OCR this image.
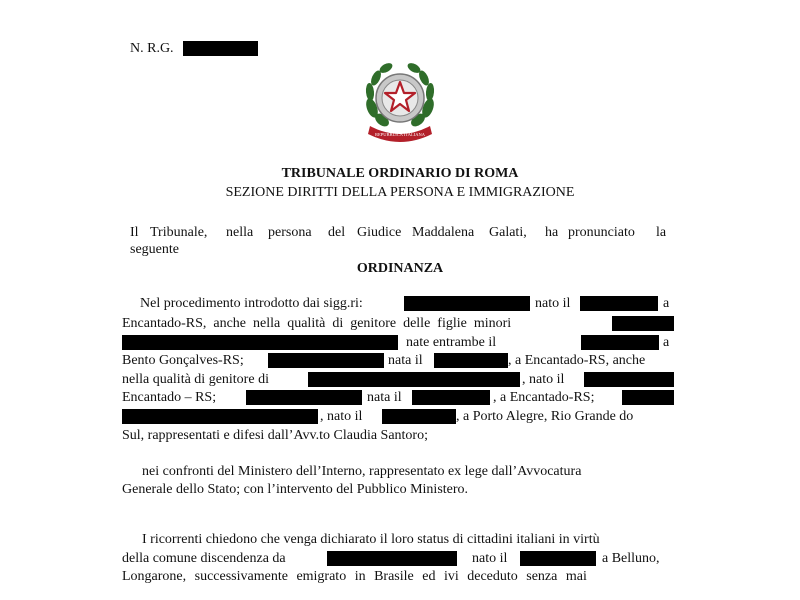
N. R.G.
REPUBBLICA ITALIANA
TRIBUNALE ORDINARIO DI ROMA
SEZIONE DIRITTI DELLA PERSONA E IMMIGRAZIONE
Il Tribunale, nella persona del Giudice Maddalena Galati, ha pronunciato la
seguente
ORDINANZA
Nel procedimento introdotto dai sigg.ri:	nato il	a
Encantado-RS, anche nella qualità di genitore delle figlie minori
nate entrambe il	a
Bento Gonçalves-RS;	nata il	, a Encantado-RS, anche
nella qualità di genitore di	, nato il
Encantado – RS;	nata il	, a Encantado-RS;
, nato il	, a Porto Alegre, Rio Grande do
Sul, rappresentati e difesi dall’Avv.to Claudia Santoro;
nei confronti del Ministero dell’Interno, rappresentato ex lege dall’Avvocatura
Generale dello Stato; con l’intervento del Pubblico Ministero.
I ricorrenti chiedono che venga dichiarato il loro status di cittadini italiani in virtù
della comune discendenza da	nato il	a Belluno,
Longarone, successivamente emigrato in Brasile ed ivi deceduto senza mai
